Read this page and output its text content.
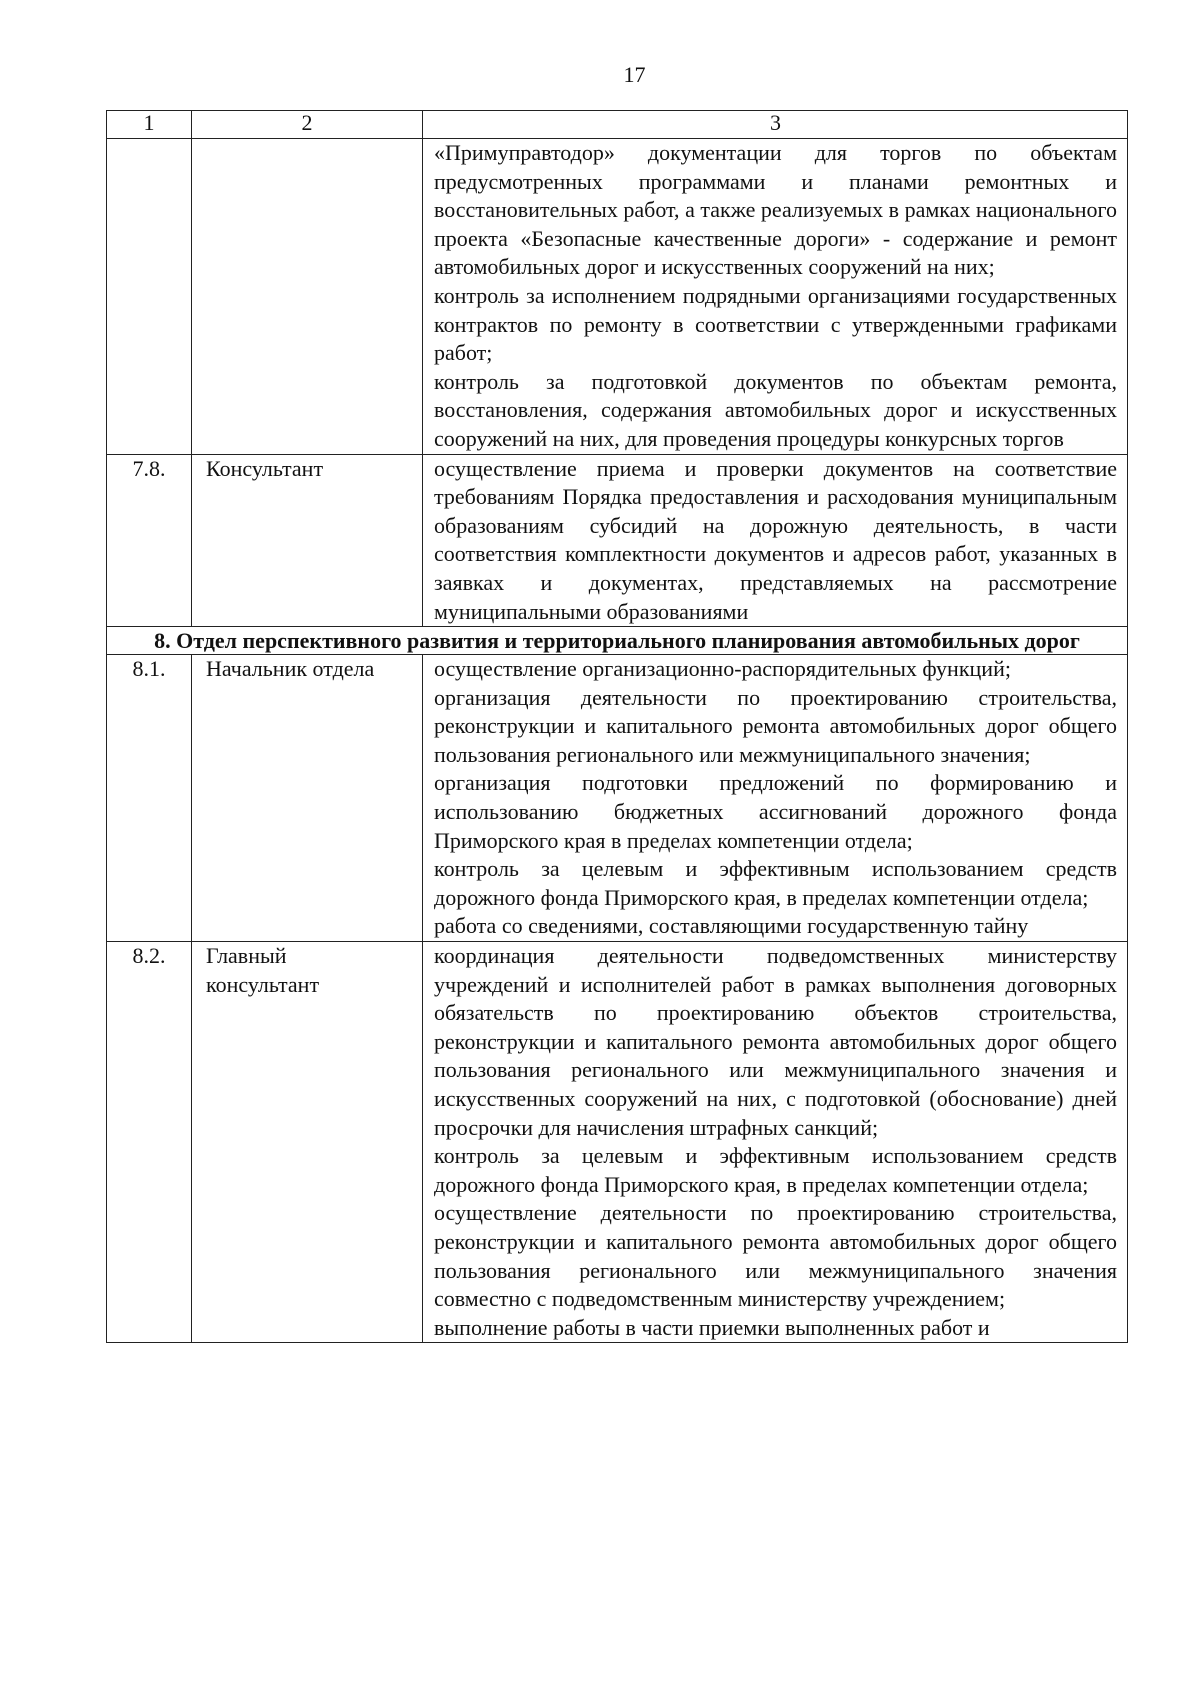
17
1	2	3

		«Примуправтодор» документации для торгов по объектам предусмотренных программами и планами ремонтных и восстановительных работ, а также реализуемых в рамках национального проекта «Безопасные качественные дороги» - содержание и ремонт автомобильных дорог и искусственных сооружений на них;
контроль за исполнением подрядными организациями государственных контрактов по ремонту в соответствии с утвержденными графиками работ;
контроль за подготовкой документов по объектам ремонта, восстановления, содержания автомобильных дорог и искусственных сооружений на них, для проведения процедуры конкурсных торгов

7.8.	Консультант	осуществление приема и проверки документов на соответствие требованиям Порядка предоставления и расходования муниципальным образованиям субсидий на дорожную деятельность, в части соответствия комплектности документов и адресов работ, указанных в заявках и документах, представляемых на рассмотрение муниципальными образованиями

8. Отдел перспективного развития и территориального планирования автомобильных дорог		
8.1.	Начальник отдела	осуществление организационно-распорядительных функций;
организация деятельности по проектированию строительства, реконструкции и капитального ремонта автомобильных дорог общего пользования регионального или межмуниципального значения;
организация подготовки предложений по формированию и использованию бюджетных ассигнований дорожного фонда Приморского края в пределах компетенции отдела;
контроль за целевым и эффективным использованием средств дорожного фонда Приморского края, в пределах компетенции отдела;
работа со сведениями, составляющими государственную тайну

8.2.	Главный консультант	координация деятельности подведомственных министерству учреждений и исполнителей работ в рамках выполнения договорных обязательств по проектированию объектов строительства, реконструкции и капитального ремонта автомобильных дорог общего пользования регионального или межмуниципального значения и искусственных сооружений на них, с подготовкой (обоснование) дней просрочки для начисления штрафных санкций;
контроль за целевым и эффективным использованием средств дорожного фонда Приморского края, в пределах компетенции отдела;
осуществление деятельности по проектированию строительства, реконструкции и капитального ремонта автомобильных дорог общего пользования регионального или межмуниципального значения совместно с подведомственным министерству учреждением;
выполнение работы в части приемки выполненных работ и
